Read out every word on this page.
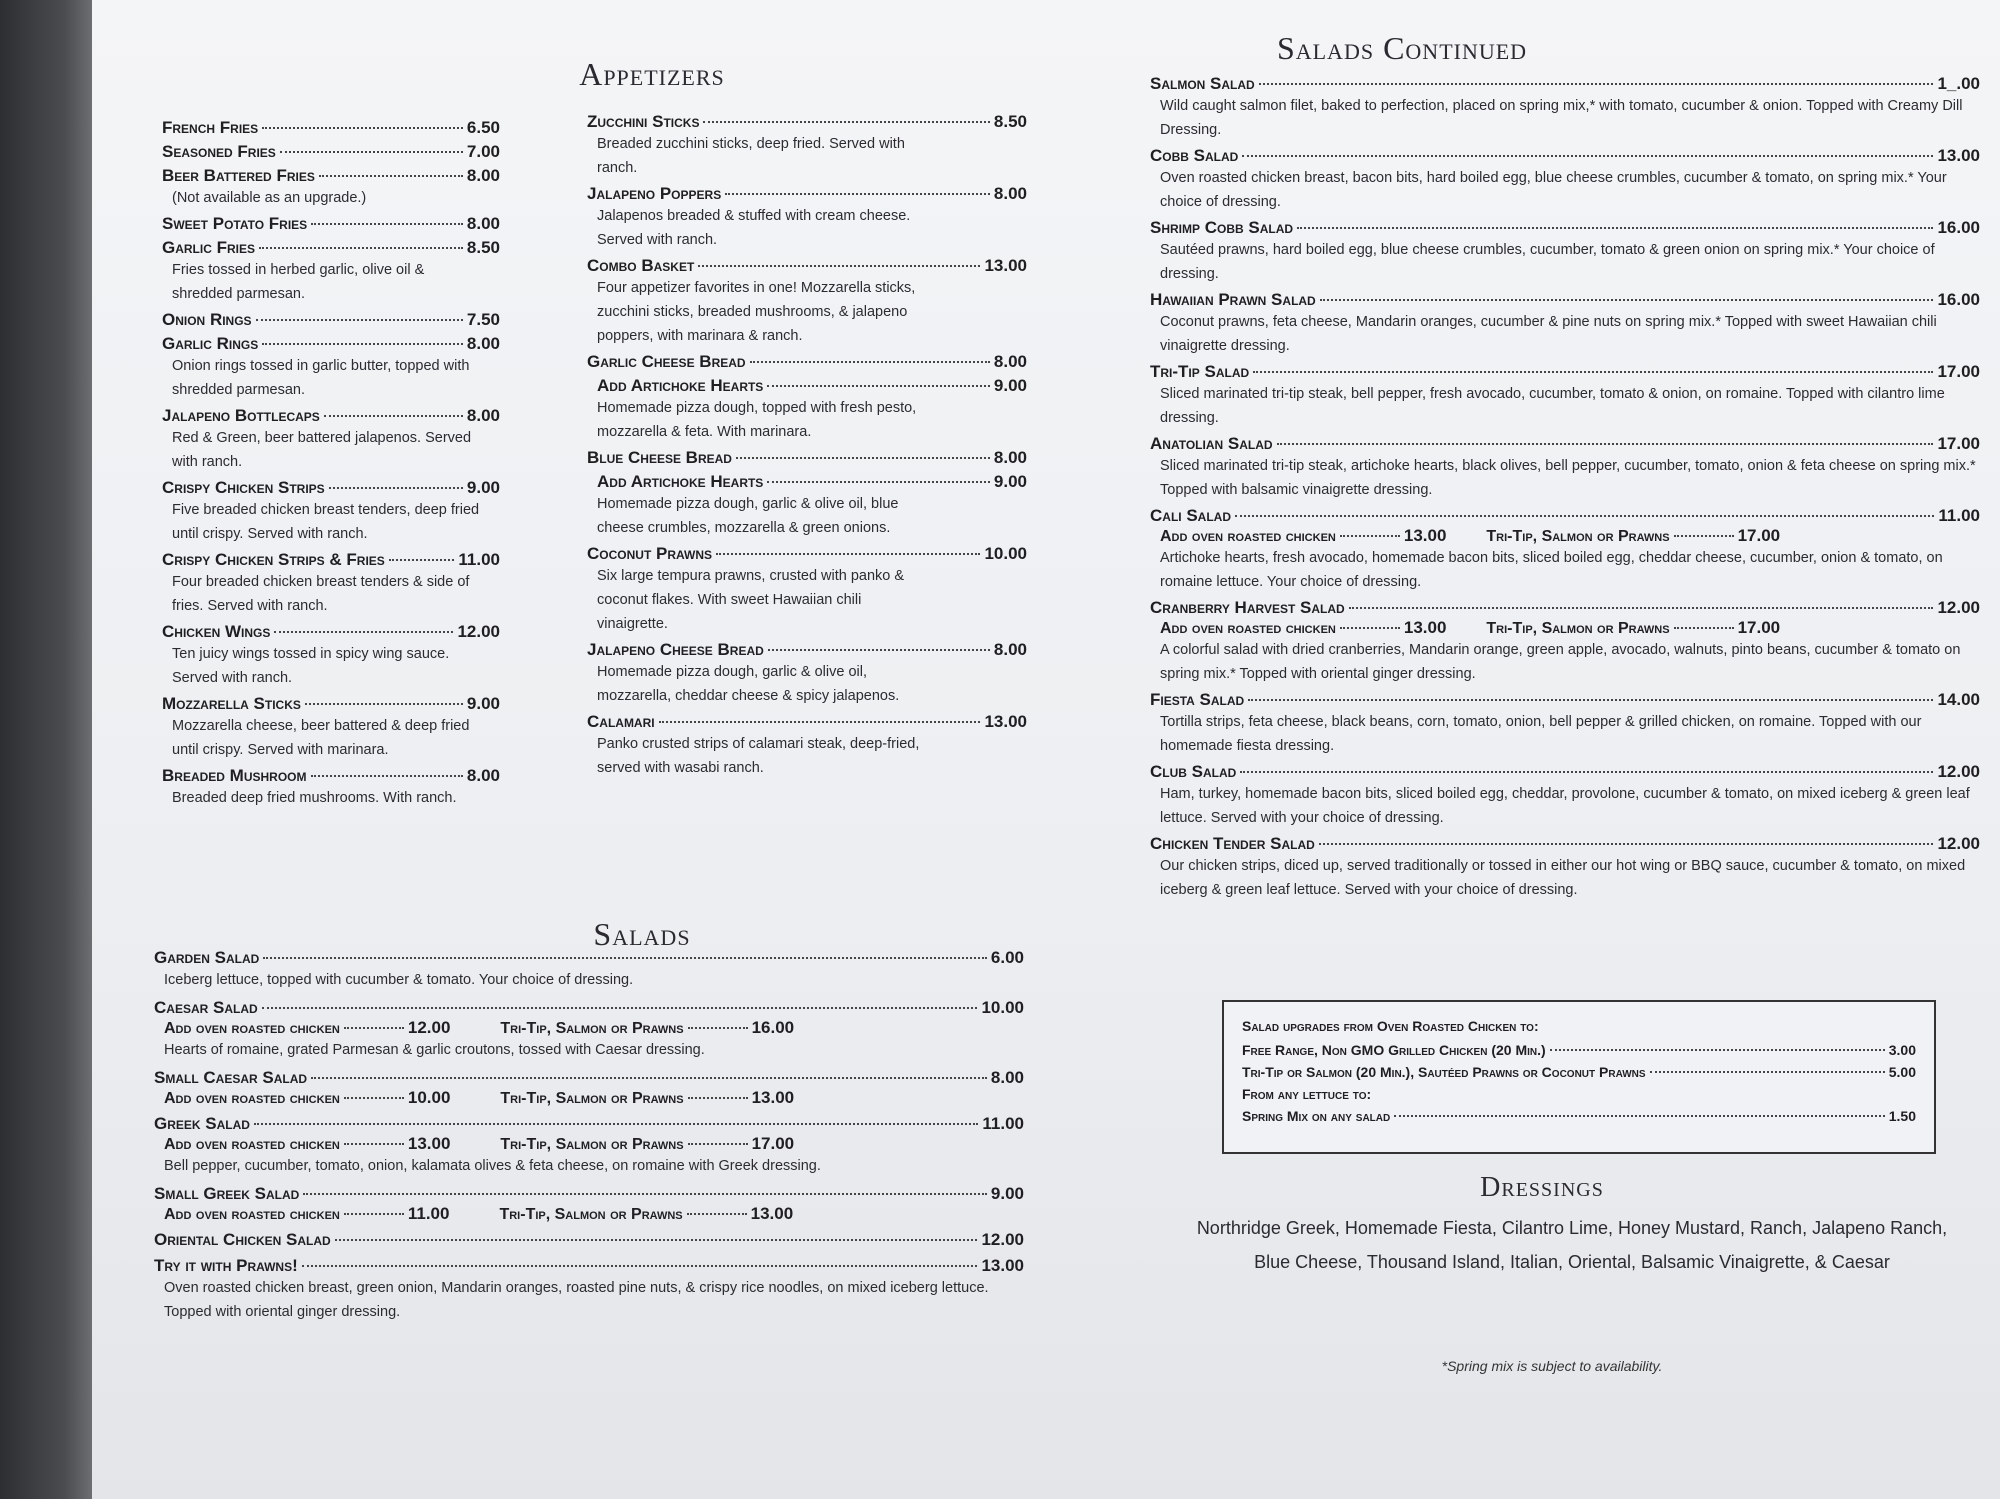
Appetizers
French Fries	6.50
Seasoned Fries	7.00
Beer Battered Fries	8.00
(Not available as an upgrade.)
Sweet Potato Fries	8.00
Garlic Fries	8.50
Fries tossed in herbed garlic, olive oil & shredded parmesan.
Onion Rings	7.50
Garlic Rings	8.00
Onion rings tossed in garlic butter, topped with shredded parmesan.
Jalapeno Bottlecaps	8.00
Red & Green, beer battered jalapenos. Served with ranch.
Crispy Chicken Strips	9.00
Five breaded chicken breast tenders, deep fried until crispy. Served with ranch.
Crispy Chicken Strips & Fries	11.00
Four breaded chicken breast tenders & side of fries. Served with ranch.
Chicken Wings	12.00
Ten juicy wings tossed in spicy wing sauce. Served with ranch.
Mozzarella Sticks	9.00
Mozzarella cheese, beer battered & deep fried until crispy. Served with marinara.
Breaded Mushroom	8.00
Breaded deep fried mushrooms. With ranch.
Zucchini Sticks	8.50
Breaded zucchini sticks, deep fried. Served with ranch.
Jalapeno Poppers	8.00
Jalapenos breaded & stuffed with cream cheese. Served with ranch.
Combo Basket	13.00
Four appetizer favorites in one! Mozzarella sticks, zucchini sticks, breaded mushrooms, & jalapeno poppers, with marinara & ranch.
Garlic Cheese Bread	8.00
Add Artichoke Hearts	9.00
Homemade pizza dough, topped with fresh pesto, mozzarella & feta. With marinara.
Blue Cheese Bread	8.00
Add Artichoke Hearts	9.00
Homemade pizza dough, garlic & olive oil, blue cheese crumbles, mozzarella & green onions.
Coconut Prawns	10.00
Six large tempura prawns, crusted with panko & coconut flakes. With sweet Hawaiian chili vinaigrette.
Jalapeno Cheese Bread	8.00
Homemade pizza dough, garlic & olive oil, mozzarella, cheddar cheese & spicy jalapenos.
Calamari	13.00
Panko crusted strips of calamari steak, deep-fried, served with wasabi ranch.
Salads
Garden Salad	6.00
Iceberg lettuce, topped with cucumber & tomato. Your choice of dressing.
Caesar Salad	10.00
Add oven roasted chicken	12.00	Tri-Tip, Salmon or Prawns	16.00
Hearts of romaine, grated Parmesan & garlic croutons, tossed with Caesar dressing.
Small Caesar Salad	8.00
Add oven roasted chicken	10.00	Tri-Tip, Salmon or Prawns	13.00
Greek Salad	11.00
Add oven roasted chicken	13.00	Tri-Tip, Salmon or Prawns	17.00
Bell pepper, cucumber, tomato, onion, kalamata olives & feta cheese, on romaine with Greek dressing.
Small Greek Salad	9.00
Add oven roasted chicken	11.00	Tri-Tip, Salmon or Prawns	13.00
Oriental Chicken Salad	12.00
Try it with Prawns!	13.00
Oven roasted chicken breast, green onion, Mandarin oranges, roasted pine nuts, & crispy rice noodles, on mixed iceberg lettuce. Topped with oriental ginger dressing.
Salads Continued
Salmon Salad	1_.00
Wild caught salmon filet, baked to perfection, placed on spring mix,* with tomato, cucumber & onion. Topped with Creamy Dill Dressing.
Cobb Salad	13.00
Oven roasted chicken breast, bacon bits, hard boiled egg, blue cheese crumbles, cucumber & tomato, on spring mix.* Your choice of dressing.
Shrimp Cobb Salad	16.00
Sautéed prawns, hard boiled egg, blue cheese crumbles, cucumber, tomato & green onion on spring mix.* Your choice of dressing.
Hawaiian Prawn Salad	16.00
Coconut prawns, feta cheese, Mandarin oranges, cucumber & pine nuts on spring mix.* Topped with sweet Hawaiian chili vinaigrette dressing.
Tri-Tip Salad	17.00
Sliced marinated tri-tip steak, bell pepper, fresh avocado, cucumber, tomato & onion, on romaine. Topped with cilantro lime dressing.
Anatolian Salad	17.00
Sliced marinated tri-tip steak, artichoke hearts, black olives, bell pepper, cucumber, tomato, onion & feta cheese on spring mix.* Topped with balsamic vinaigrette dressing.
Cali Salad	11.00
Add oven roasted chicken	13.00	Tri-Tip, Salmon or Prawns	17.00
Artichoke hearts, fresh avocado, homemade bacon bits, sliced boiled egg, cheddar cheese, cucumber, onion & tomato, on romaine lettuce. Your choice of dressing.
Cranberry Harvest Salad	12.00
Add oven roasted chicken	13.00	Tri-Tip, Salmon or Prawns	17.00
A colorful salad with dried cranberries, Mandarin orange, green apple, avocado, walnuts, pinto beans, cucumber & tomato on spring mix.* Topped with oriental ginger dressing.
Fiesta Salad	14.00
Tortilla strips, feta cheese, black beans, corn, tomato, onion, bell pepper & grilled chicken, on romaine. Topped with our homemade fiesta dressing.
Club Salad	12.00
Ham, turkey, homemade bacon bits, sliced boiled egg, cheddar, provolone, cucumber & tomato, on mixed iceberg & green leaf lettuce. Served with your choice of dressing.
Chicken Tender Salad	12.00
Our chicken strips, diced up, served traditionally or tossed in either our hot wing or BBQ sauce, cucumber & tomato, on mixed iceberg & green leaf lettuce. Served with your choice of dressing.
Salad upgrades from Oven Roasted Chicken to:
Free Range, Non GMO Grilled Chicken (20 Min.)	3.00
Tri-Tip or Salmon (20 Min.), Sautéed Prawns or Coconut Prawns	5.00
From any lettuce to:
Spring Mix on any salad	1.50
Dressings
Northridge Greek, Homemade Fiesta, Cilantro Lime, Honey Mustard, Ranch, Jalapeno Ranch,
Blue Cheese, Thousand Island, Italian, Oriental, Balsamic Vinaigrette, & Caesar
*Spring mix is subject to availability.
